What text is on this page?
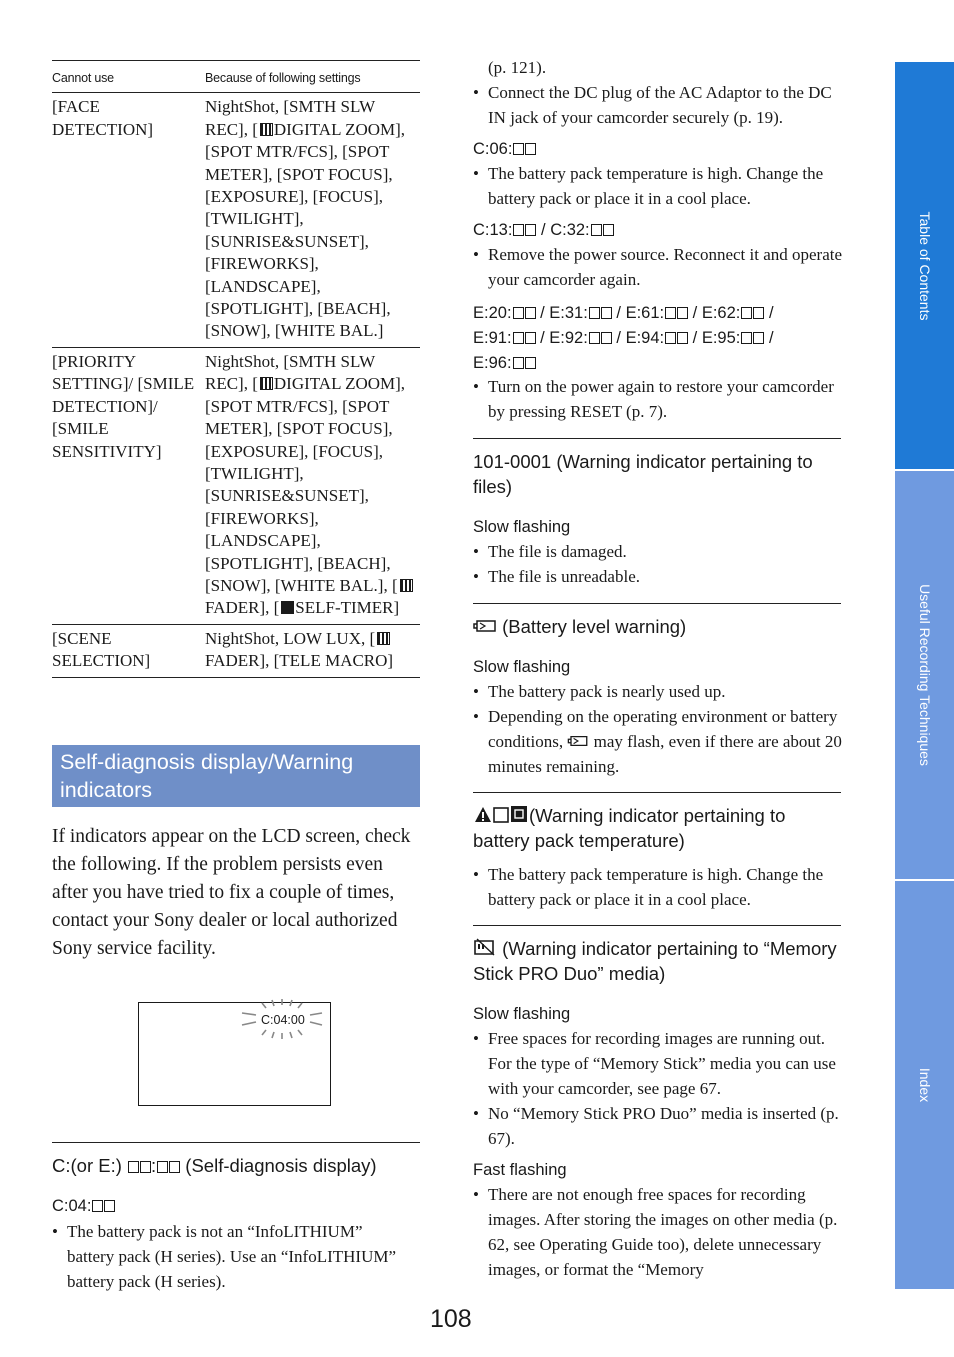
Cannot use	Because of following settings
[FACE DETECTION]	NightShot, [SMTH SLW REC], [ DIGITAL ZOOM], [SPOT MTR/FCS], [SPOT METER], [SPOT FOCUS], [EXPOSURE], [FOCUS], [TWILIGHT], [SUNRISE&SUNSET], [FIREWORKS], [LANDSCAPE], [SPOTLIGHT], [BEACH], [SNOW], [WHITE BAL.]
[PRIORITY SETTING]/ [SMILE DETECTION]/ [SMILE SENSITIVITY]	NightShot, [SMTH SLW REC], [ DIGITAL ZOOM], [SPOT MTR/FCS], [SPOT METER], [SPOT FOCUS], [EXPOSURE], [FOCUS], [TWILIGHT], [SUNRISE&SUNSET], [FIREWORKS], [LANDSCAPE], [SPOTLIGHT], [BEACH], [SNOW], [WHITE BAL.], [FADER], [ SELF-TIMER]
[SCENE SELECTION]	NightShot, LOW LUX, [FADER], [TELE MACRO]
Self-diagnosis display/Warning indicators

If indicators appear on the LCD screen, check the following. If the problem persists even after you have tried to fix a couple of times, contact your Sony dealer or local authorized Sony service facility.

C:04:00
C:(or E:) : (Self-diagnosis display)
C:04:
• The battery pack is not an “InfoLITHIUM” battery pack (H series). Use an “InfoLITHIUM” battery pack (H series).

(p. 121).

• Connect the DC plug of the AC Adaptor to the DC IN jack of your camcorder securely (p. 19).
C:06:
• The battery pack temperature is high. Change the battery pack or place it in a cool place.
C:13: / C:32:
• Remove the power source. Reconnect it and operate your camcorder again.
E:20: / E:31: / E:61: / E:62: /
E:91: / E:92: / E:94: / E:95: /
E:96:
• Turn on the power again to restore your camcorder by pressing RESET (p. 7).
101-0001 (Warning indicator pertaining to files)
Slow flashing
• The file is damaged.
• The file is unreadable.
(Battery level warning)
Slow flashing
• The battery pack is nearly used up.
• Depending on the operating environment or battery conditions, may flash, even if there are about 20 minutes remaining.
(Warning indicator pertaining to battery pack temperature)
• The battery pack temperature is high. Change the battery pack or place it in a cool place.
(Warning indicator pertaining to “Memory Stick PRO Duo” media)
Slow flashing
• Free spaces for recording images are running out. For the type of “Memory Stick” media you can use with your camcorder, see page 67.
• No “Memory Stick PRO Duo” media is inserted (p. 67).
Fast flashing
• There are not enough free spaces for recording images. After storing the images on other media (p. 62, see Operating Guide too), delete unnecessary images, or format the “Memory
Table of Contents
Useful Recording Techniques
Index
108
